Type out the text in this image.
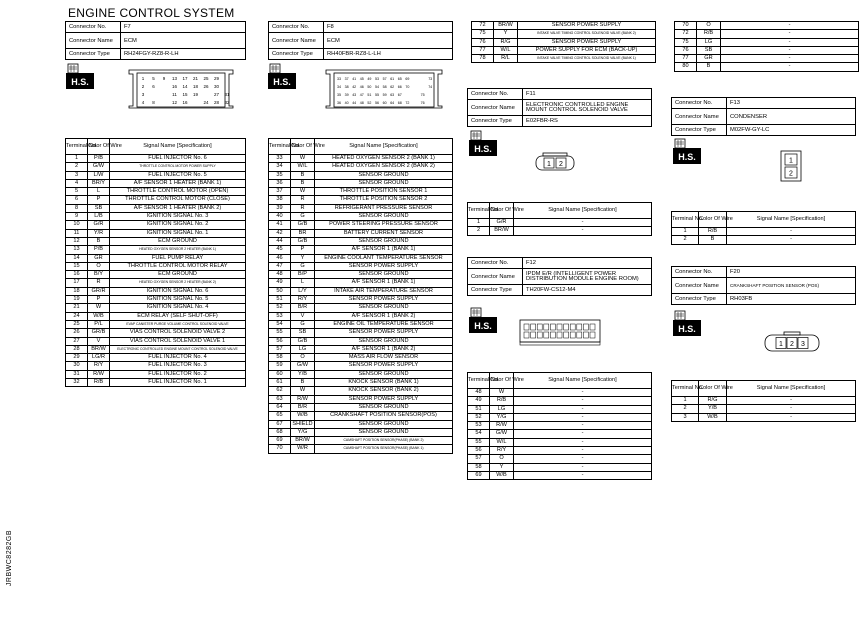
ENGINE CONTROL SYSTEM
JRBWC8282GB
Connector No.	F7
Connector Name	ECM
Connector Type	RH24FGY-RZ8-R-LH
H.S.	1 5 9 13 17 21 25 29
2 6	16 14 18 26 30
3	11 15 19	27 31
4 8	12 16	24 28 32
Terminal No.	Color Of Wire	Signal Name [Specification]
1	P/B	FUEL INJECTOR No. 6
2	G/W	THROTTLE CONTROL MOTOR POWER SUPPLY
3	L/W	FUEL INJECTOR No. 5
4	BR/Y	A/F SENSOR 1 HEATER (BANK 1)
5	L	THROTTLE CONTROL MOTOR (OPEN)
6	P	THROTTLE CONTROL MOTOR (CLOSE)
8	SB	A/F SENSOR 1 HEATER (BANK 2)
9	L/B	IGNITION SIGNAL No. 3
10	G/R	IGNITION SIGNAL No. 2
11	Y/R	IGNITION SIGNAL No. 1
12	B	ECM GROUND
13	P/B	HEATED OXYGEN SENSOR 2 HEATER (BANK 1)
14	GR	FUEL PUMP RELAY
15	O	THROTTLE CONTROL MOTOR RELAY
16	B/Y	ECM GROUND
17	R	HEATED OXYGEN SENSOR 2 HEATER (BANK 2)
18	GR/R	IGNITION SIGNAL No. 6
19	P	IGNITION SIGNAL No. 5
21	W	IGNITION SIGNAL No. 4
24	W/B	ECM RELAY (SELF SHUT-OFF)
25	P/L	EVAP CANISTER PURGE VOLUME CONTROL SOLENOID VALVE
26	GR/B	VIAS CONTROL SOLENOID VALVE 2
27	V	VIAS CONTROL SOLENOID VALVE 1
28	BR/W	ELECTRONIC CONTROLLED ENGINE MOUNT CONTROL SOLENOID VALVE
29	LG/R	FUEL INJECTOR No. 4
30	R/Y	FUEL INJECTOR No. 3
31	R/W	FUEL INJECTOR No. 2
32	R/B	FUEL INJECTOR No. 1
Connector No.	F8
Connector Name	ECM
Connector Type	RH40FBR-RZ8-L-LH
H.S.	33 37 41 45 49 53 57 61 65 69	73
34 38 42 46 50 54 58 62 66 70	74
35 39 43 47 51 55 59 63 67	75
36 40 44 48 52 56 60 64 68 72	76
Terminal No.	Color Of Wire	Signal Name [Specification]
33	W	HEATED OXYGEN SENSOR 2 (BANK 1)
34	W/L	HEATED OXYGEN SENSOR 2 (BANK 2)
35	B	SENSOR GROUND
36	B	SENSOR GROUND
37	W	THROTTLE POSITION SENSOR 1
38	R	THROTTLE POSITION SENSOR 2
39	R	REFRIGERANT PRESSURE SENSOR
40	G	SENSOR GROUND
41	G/B	POWER STEERING PRESSURE SENSOR
42	BR	BATTERY CURRENT SENSOR
44	G/B	SENSOR GROUND
45	P	A/F SENSOR 1 (BANK 1)
46	Y	ENGINE COOLANT TEMPERATURE SENSOR
47	G	SENSOR POWER SUPPLY
48	B/P	SENSOR GROUND
49	L	A/F SENSOR 1 (BANK 1)
50	L/Y	INTAKE AIR TEMPERATURE SENSOR
51	R/Y	SENSOR POWER SUPPLY
52	B/R	SENSOR GROUND
53	V	A/F SENSOR 1 (BANK 2)
54	G	ENGINE OIL TEMPERATURE SENSOR
55	SB	SENSOR POWER SUPPLY
56	G/B	SENSOR GROUND
57	LG	A/F SENSOR 1 (BANK 2)
58	O	MASS AIR FLOW SENSOR
59	G/W	SENSOR POWER SUPPLY
60	Y/B	SENSOR GROUND
61	B	KNOCK SENSOR (BANK 1)
62	W	KNOCK SENSOR (BANK 2)
63	R/W	SENSOR POWER SUPPLY
64	B/R	SENSOR GROUND
65	W/B	CRANKSHAFT POSITION SENSOR(POS)
67	SHIELD	SENSOR GROUND
68	Y/G	SENSOR GROUND
69	BR/W	CAMSHAFT POSITION SENSOR(PHASE) (BANK 2)
70	W/R	CAMSHAFT POSITION SENSOR(PHASE) (BANK 1)
72	BR/W	SENSOR POWER SUPPLY
75	Y	INTAKE VALVE TIMING CONTROL SOLENOID VALVE (BANK 2)
76	R/G	SENSOR POWER SUPPLY
77	W/L	POWER SUPPLY FOR ECM (BACK-UP)
78	R/L	INTAKE VALVE TIMING CONTROL SOLENOID VALVE (BANK 1)
Connector No.	F11
Connector Name	ELECTRONIC CONTROLLED ENGINE MOUNT CONTROL SOLENOID VALVE
Connector Type	E02FBR-RS
H.S.
1 2
Terminal No.	Color Of Wire	Signal Name [Specification]
1	G/R	-
2	BR/W	-
Connector No.	F12
Connector Name	IPDM E/R (INTELLIGENT POWER DISTRIBUTION MODULE ENGINE ROOM)
Connector Type	TH20FW-CS12-M4
H.S.
Terminal No.	Color Of Wire	Signal Name [Specification]
48	W	-
49	R/B	-
51	LG	-
52	Y/G	-
53	R/W	-
54	G/W	-
55	W/L	-
56	R/Y	-
57	O	-
58	Y	-
69	W/B	-
70	O	-
72	R/B	-
75	LG	-
76	SB	-
77	GR	-
80	B	-
Connector No.	F13
Connector Name	CONDENSER
Connector Type	M02FW-GY-LC
H.S.	1
2
Terminal No.	Color Of Wire	Signal Name [Specification]
1	R/B	-
2	B	-
Connector No.	F20
Connector Name	CRANKSHAFT POSITION SENSOR (POS)
Connector Type	RH03FB
H.S.
1 2 3
Terminal No.	Color Of Wire	Signal Name [Specification]
1	R/G	-
2	Y/B	-
3	W/B	-
